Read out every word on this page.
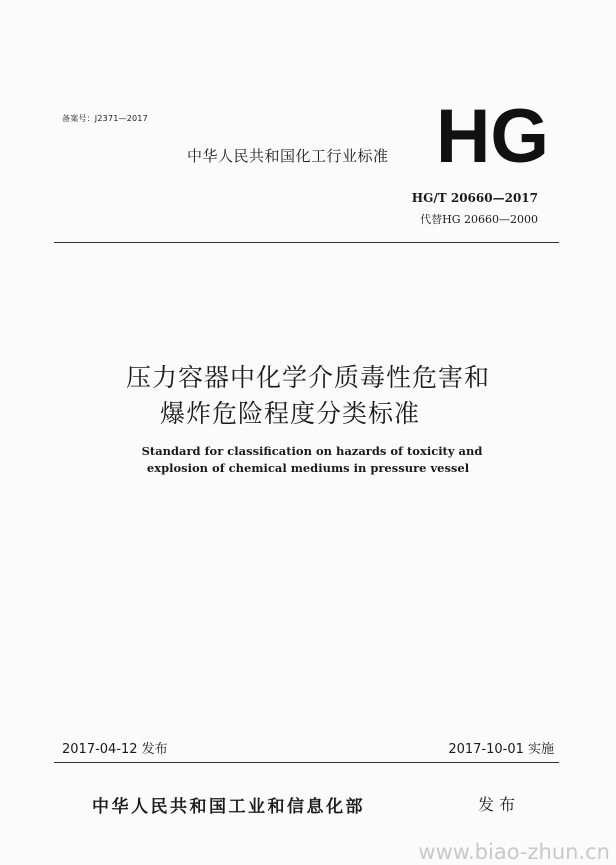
备案号：J2371—2017
中华人民共和国化工行业标准 HG
HG/T 20660—2017
代替HG 20660—2000
压力容器中化学介质毒性危害和
爆炸危险程度分类标准
Standard for classification on hazards of toxicity and
explosion of chemical mediums in pressure vessel
2017-04-12 发布	2017-10-01 实施
中华人民共和国工业和信息化部	发布
www.biao-zhun.cn
